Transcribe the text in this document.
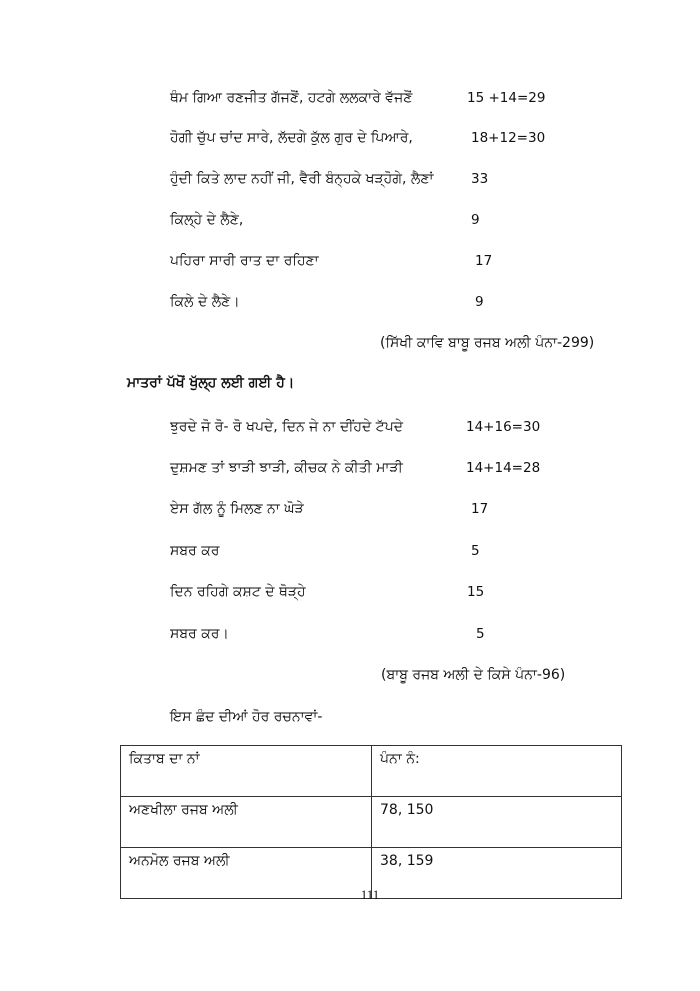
ਥੰਮ ਗਿਆ ਰਣਜੀਤ ਗੱਜਣੋਂ, ਹਟਗੇ ਲਲਕਾਰੇ ਵੱਜਣੋਂ	15 +14=29
ਹੋਗੀ ਚੁੱਪ ਚਾਂਦ ਸਾਰੇ, ਲੱਦਗੇ ਕੁੱਲ ਗੁਰ ਦੇ ਪਿਆਰੇ,	18+12=30
ਹੁੰਦੀ ਕਿਤੇ ਲਾਦ ਨਹੀਂ ਜੀ, ਵੈਰੀ ਬੰਨ੍ਹਕੇ ਖੜ੍ਹੋਗੇ, ਲੈਣਾਂ	33
ਕਿਲ੍ਹੇ ਦੇ ਲੈਣੇ,	9
ਪਹਿਰਾ ਸਾਰੀ ਰਾਤ ਦਾ ਰਹਿਣਾ	17
ਕਿਲੇ ਦੇ ਲੈਣੇ।	9
(ਸਿੱਖੀ ਕਾਵਿ ਬਾਬੂ ਰਜਬ ਅਲੀ ਪੰਨਾ-299)
ਮਾਤਰਾਂ ਪੱਖੋਂ ਖੁੱਲ੍ਹ ਲਈ ਗਈ ਹੈ।
ਝੁਰਦੇ ਜੋ ਰੋ- ਰੋ ਖਪਦੇ, ਦਿਨ ਜੇ ਨਾ ਦੀਂਹਦੇ ਟੱਪਦੇ	14+16=30
ਦੁਸ਼ਮਣ ਤਾਂ ਝਾੜੀ ਝਾੜੀ, ਕੀਚਕ ਨੇ ਕੀਤੀ ਮਾੜੀ	14+14=28
ਏਸ ਗੱਲ ਨੂੰ ਮਿਲਣ ਨਾ ਘੋੜੇ	17
ਸਬਰ ਕਰ	5
ਦਿਨ ਰਹਿਗੇ ਕਸ਼ਟ ਦੇ ਥੋੜ੍ਹੇ	15
ਸਬਰ ਕਰ।	5
(ਬਾਬੂ ਰਜਬ ਅਲੀ ਦੇ ਕਿਸੇ ਪੰਨਾ-96)
ਇਸ ਛੰਦ ਦੀਆਂ ਹੋਰ ਰਚਨਾਵਾਂ-
ਕਿਤਾਬ ਦਾ ਨਾਂ	ਪੰਨਾ ਨੰ:
ਅਣਖੀਲਾ ਰਜਬ ਅਲੀ	78, 150
ਅਨਮੋਲ ਰਜਬ ਅਲੀ	38, 159
111
